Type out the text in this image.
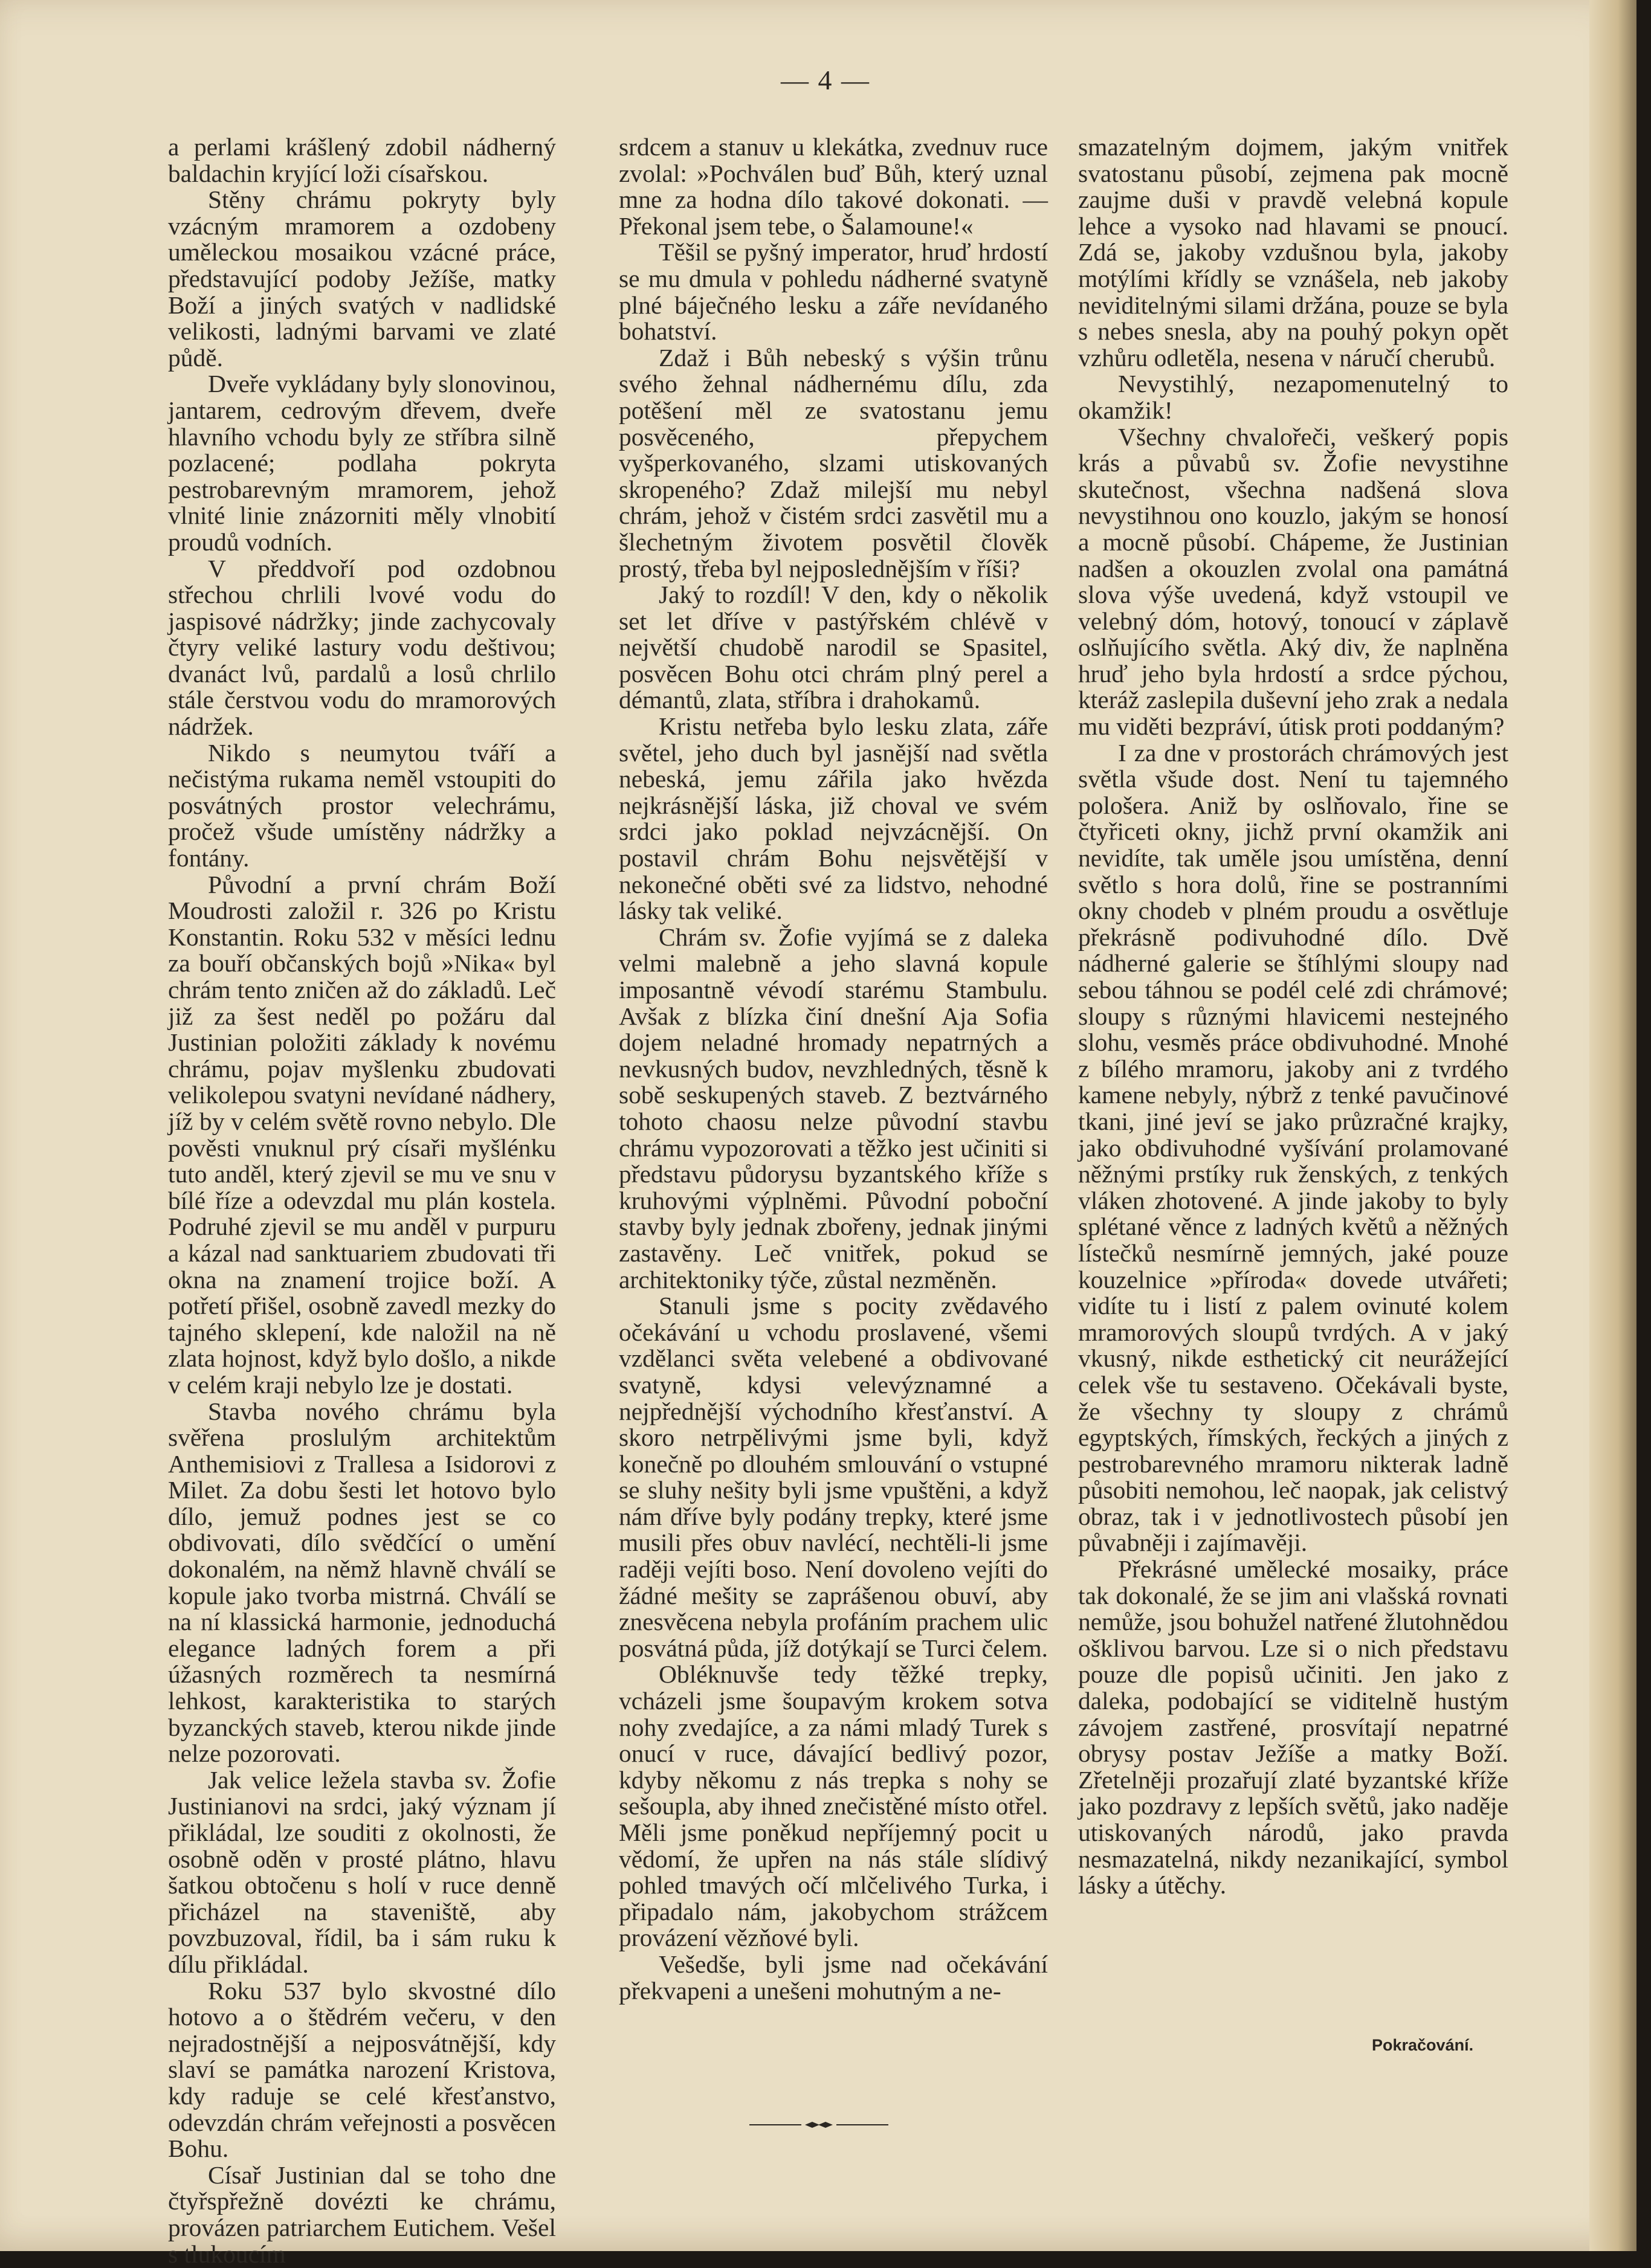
— 4 —

a perlami krášlený zdobil nádherný baldachin kryjící loži císařskou.

Stěny chrámu pokryty byly vzácným mramorem a ozdobeny uměleckou mosaikou vzácné práce, představující podoby Ježíše, matky Boží a jiných svatých v nadlidské velikosti, ladnými barvami ve zlaté půdě.

Dveře vykládany byly slonovinou, jantarem, cedrovým dřevem, dveře hlavního vchodu byly ze stříbra silně pozlacené; podlaha pokryta pestrobarevným mramorem, jehož vlnité linie znázorniti měly vlnobití proudů vodních.

V předdvoří pod ozdobnou střechou chrlili lvové vodu do jaspisové nádržky; jinde zachycovaly čtyry veliké lastury vodu deštivou; dvanáct lvů, pardalů a losů chrlilo stále čerstvou vodu do mramorových nádržek.

Nikdo s neumytou tváří a nečistýma rukama neměl vstoupiti do posvátných prostor velechrámu, pročež všude umístěny nádržky a fontány.

Původní a první chrám Boží Moudrosti založil r. 326 po Kristu Konstantin. Roku 532 v měsíci lednu za bouří občanských bojů »Nika« byl chrám tento zničen až do základů. Leč již za šest neděl po požáru dal Justinian položiti základy k novému chrámu, pojav myšlenku zbudovati velikolepou svatyni nevídané nádhery, jíž by v celém světě rovno nebylo. Dle pověsti vnuknul prý císaři myšlénku tuto anděl, který zjevil se mu ve snu v bílé říze a odevzdal mu plán kostela. Podruhé zjevil se mu anděl v purpuru a kázal nad sanktuariem zbudovati tři okna na znamení trojice boží. A potřetí přišel, osobně zavedl mezky do tajného sklepení, kde naložil na ně zlata hojnost, když bylo došlo, a nikde v celém kraji nebylo lze je dostati.

Stavba nového chrámu byla svěřena proslulým architektům Anthemisiovi z Trallesa a Isidorovi z Milet. Za dobu šesti let hotovo bylo dílo, jemuž podnes jest se co obdivovati, dílo svědčící o umění dokonalém, na němž hlavně chválí se kopule jako tvorba mistrná. Chválí se na ní klassická harmonie, jednoduchá elegance ladných forem a při úžasných rozměrech ta nesmírná lehkost, karakteristika to starých byzanckých staveb, kterou nikde jinde nelze pozorovati.

Jak velice ležela stavba sv. Žofie Justinianovi na srdci, jaký význam jí přikládal, lze souditi z okolnosti, že osobně oděn v prosté plátno, hlavu šatkou obtočenu s holí v ruce denně přicházel na staveniště, aby povzbuzoval, řídil, ba i sám ruku k dílu přikládal.

Roku 537 bylo skvostné dílo hotovo a o štědrém večeru, v den nejradostnější a nejposvátnější, kdy slaví se památka narození Kristova, kdy raduje se celé křesťanstvo, odevzdán chrám veřejnosti a posvěcen Bohu.

Císař Justinian dal se toho dne čtyřspřežně dovézti ke chrámu, provázen patriarchem Eutichem. Vešel s tlukoucím

srdcem a stanuv u klekátka, zvednuv ruce zvolal: »Pochválen buď Bůh, který uznal mne za hodna dílo takové dokonati. — Překonal jsem tebe, o Šalamoune!«

Těšil se pyšný imperator, hruď hrdostí se mu dmula v pohledu nádherné svatyně plné báječného lesku a záře nevídaného bohatství.

Zdaž i Bůh nebeský s výšin trůnu svého žehnal nádhernému dílu, zda potěšení měl ze svatostanu jemu posvěceného, přepychem vyšperkovaného, slzami utiskovaných skropeného? Zdaž milejší mu nebyl chrám, jehož v čistém srdci zasvětil mu a šlechetným životem posvětil člověk prostý, třeba byl nejposlednějším v říši?

Jaký to rozdíl! V den, kdy o několik set let dříve v pastýřském chlévě v největší chudobě narodil se Spasitel, posvěcen Bohu otci chrám plný perel a démantů, zlata, stříbra i drahokamů.

Kristu netřeba bylo lesku zlata, záře světel, jeho duch byl jasnější nad světla nebeská, jemu zářila jako hvězda nejkrásnější láska, již choval ve svém srdci jako poklad nejvzácnější. On postavil chrám Bohu nejsvětější v nekonečné oběti své za lidstvo, nehodné lásky tak veliké.

Chrám sv. Žofie vyjímá se z daleka velmi malebně a jeho slavná kopule imposantně vévodí starému Stambulu. Avšak z blízka činí dnešní Aja Sofia dojem neladné hromady nepatrných a nevkusných budov, nevzhledných, těsně k sobě seskupených staveb. Z beztvárného tohoto chaosu nelze původní stavbu chrámu vypozorovati a těžko jest učiniti si představu půdorysu byzantského kříže s kruhovými výplněmi. Původní poboční stavby byly jednak zbořeny, jednak jinými zastavěny. Leč vnitřek, pokud se architektoniky týče, zůstal nezměněn.

Stanuli jsme s pocity zvědavého očekávání u vchodu proslavené, všemi vzdělanci světa velebené a obdivované svatyně, kdysi velevýznamné a nejpřednější východního křesťanství. A skoro netrpělivými jsme byli, když konečně po dlouhém smlouvání o vstupné se sluhy nešity byli jsme vpuštěni, a když nám dříve byly podány trepky, které jsme musili přes obuv navlécí, nechtěli-li jsme raději vejíti boso. Není dovoleno vejíti do žádné mešity se zaprášenou obuví, aby znesvěcena nebyla profáním prachem ulic posvátná půda, jíž dotýkají se Turci čelem.

Obléknuvše tedy těžké trepky, vcházeli jsme šoupavým krokem sotva nohy zvedajíce, a za námi mladý Turek s onucí v ruce, dávající bedlivý pozor, kdyby někomu z nás trepka s nohy se sešoupla, aby ihned znečistěné místo otřel. Měli jsme poněkud nepříjemný pocit u vědomí, že upřen na nás stále slídivý pohled tmavých očí mlčelivého Turka, i připadalo nám, jakobychom strážcem provázení vězňové byli.

Vešedše, byli jsme nad očekávání překvapeni a unešeni mohutným a ne-

smazatelným dojmem, jakým vnitřek svatostanu působí, zejmena pak mocně zaujme duši v pravdě velebná kopule lehce a vysoko nad hlavami se pnoucí. Zdá se, jakoby vzdušnou byla, jakoby motýlími křídly se vznášela, neb jakoby neviditelnými silami držána, pouze se byla s nebes snesla, aby na pouhý pokyn opět vzhůru odletěla, nesena v náručí cherubů.

Nevystihlý, nezapomenutelný to okamžik!

Všechny chvalořeči, veškerý popis krás a půvabů sv. Žofie nevystihne skutečnost, všechna nadšená slova nevystihnou ono kouzlo, jakým se honosí a mocně působí. Chápeme, že Justinian nadšen a okouzlen zvolal ona památná slova výše uvedená, když vstoupil ve velebný dóm, hotový, tonoucí v záplavě oslňujícího světla. Aký div, že naplněna hruď jeho byla hrdostí a srdce pýchou, kteráž zaslepila duševní jeho zrak a nedala mu viděti bezpráví, útisk proti poddaným?

I za dne v prostorách chrámových jest světla všude dost. Není tu tajemného pološera. Aniž by oslňovalo, řine se čtyřiceti okny, jichž první okamžik ani nevidíte, tak uměle jsou umístěna, denní světlo s hora dolů, řine se postranními okny chodeb v plném proudu a osvětluje překrásně podivuhodné dílo. Dvě nádherné galerie se štíhlými sloupy nad sebou táhnou se podél celé zdi chrámové; sloupy s různými hlavicemi nestejného slohu, vesměs práce obdivuhodné. Mnohé z bílého mramoru, jakoby ani z tvrdého kamene nebyly, nýbrž z tenké pavučinové tkani, jiné jeví se jako průzračné krajky, jako obdivuhodné vyšívání prolamované něžnými prstíky ruk ženských, z tenkých vláken zhotovené. A jinde jakoby to byly splétané věnce z ladných květů a něžných lístečků nesmírně jemných, jaké pouze kouzelnice »příroda« dovede utvářeti; vidíte tu i listí z palem ovinuté kolem mramorových sloupů tvrdých. A v jaký vkusný, nikde esthetický cit neurážející celek vše tu sestaveno. Očekávali byste, že všechny ty sloupy z chrámů egyptských, římských, řeckých a jiných z pestrobarevného mramoru nikterak ladně působiti nemohou, leč naopak, jak celistvý obraz, tak i v jednotlivostech působí jen půvabněji i zajímavěji.

Překrásné umělecké mosaiky, práce tak dokonalé, že se jim ani vlašská rovnati nemůže, jsou bohužel natřené žlutohnědou ošklivou barvou. Lze si o nich představu pouze dle popisů učiniti. Jen jako z daleka, podobající se viditelně hustým závojem zastřené, prosvítají nepatrné obrysy postav Ježíše a matky Boží. Zřetelněji prozařují zlaté byzantské kříže jako pozdravy z lepších světů, jako naděje utiskovaných národů, jako pravda nesmazatelná, nikdy nezanikající, symbol lásky a útěchy.

Pokračování.
